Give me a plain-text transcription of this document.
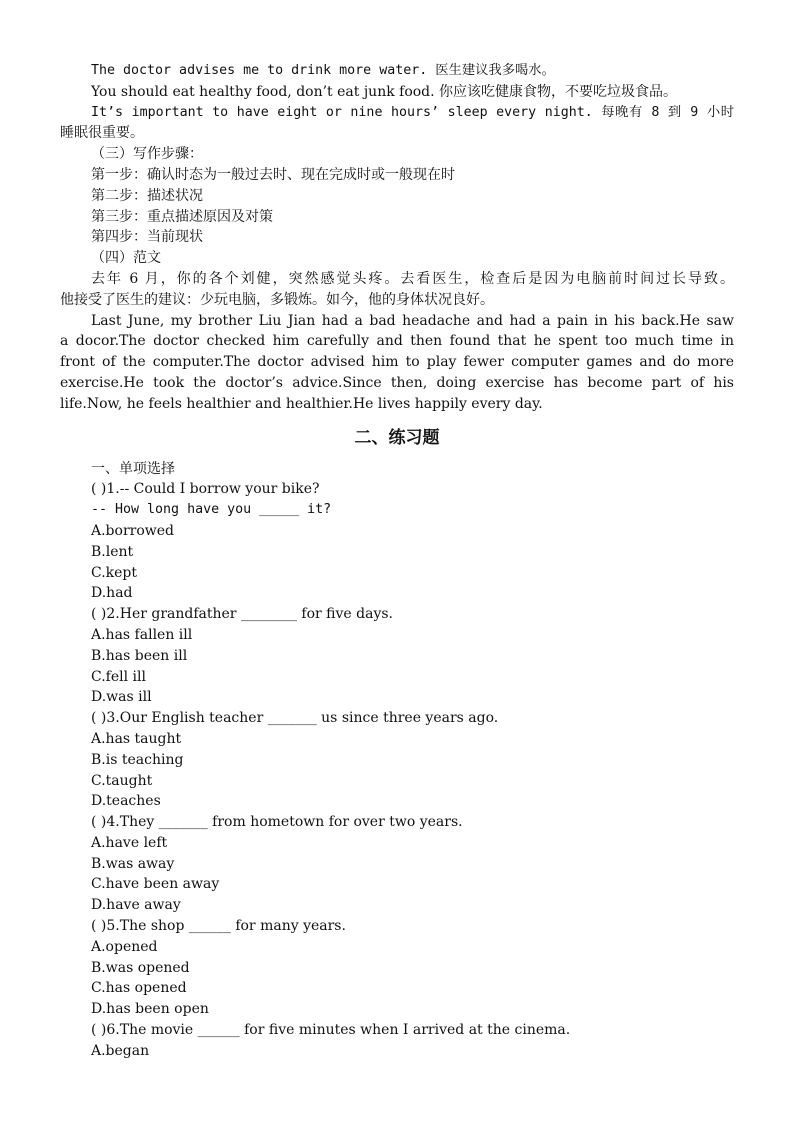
The doctor advises me to drink more water. 医生建议我多喝水。
You should eat healthy food, don’t eat junk food. 你应该吃健康食物，不要吃垃圾食品。
It’s important to have eight or nine hours’ sleep every night. 每晚有 8 到 9 小时
睡眠很重要。
（三）写作步骤：
第一步：确认时态为一般过去时、现在完成时或一般现在时
第二步：描述状况
第三步：重点描述原因及对策
第四步：当前现状
（四）范文
去年 6 月，你的各个刘健，突然感觉头疼。去看医生，检查后是因为电脑前时间过长导致。
他接受了医生的建议：少玩电脑，多锻炼。如今，他的身体状况良好。
Last June, my brother Liu Jian had a bad headache and had a pain in his back.He saw
a docor.The doctor checked him carefully and then found that he spent too much time in
front of the computer.The doctor advised him to play fewer computer games and do more
exercise.He took the doctor’s advice.Since then, doing exercise has become part of his
life.Now, he feels healthier and healthier.He lives happily every day.
二、练习题
一、单项选择
( )1.-- Could I borrow your bike?
-- How long have you _____ it?
A.borrowed
B.lent
C.kept
D.had
( )2.Her grandfather ________ for five days.
A.has fallen ill
B.has been ill
C.fell ill
D.was ill
( )3.Our English teacher _______ us since three years ago.
A.has taught
B.is teaching
C.taught
D.teaches
( )4.They _______ from hometown for over two years.
A.have left
B.was away
C.have been away
D.have away
( )5.The shop ______ for many years.
A.opened
B.was opened
C.has opened
D.has been open
( )6.The movie ______ for five minutes when I arrived at the cinema.
A.began
